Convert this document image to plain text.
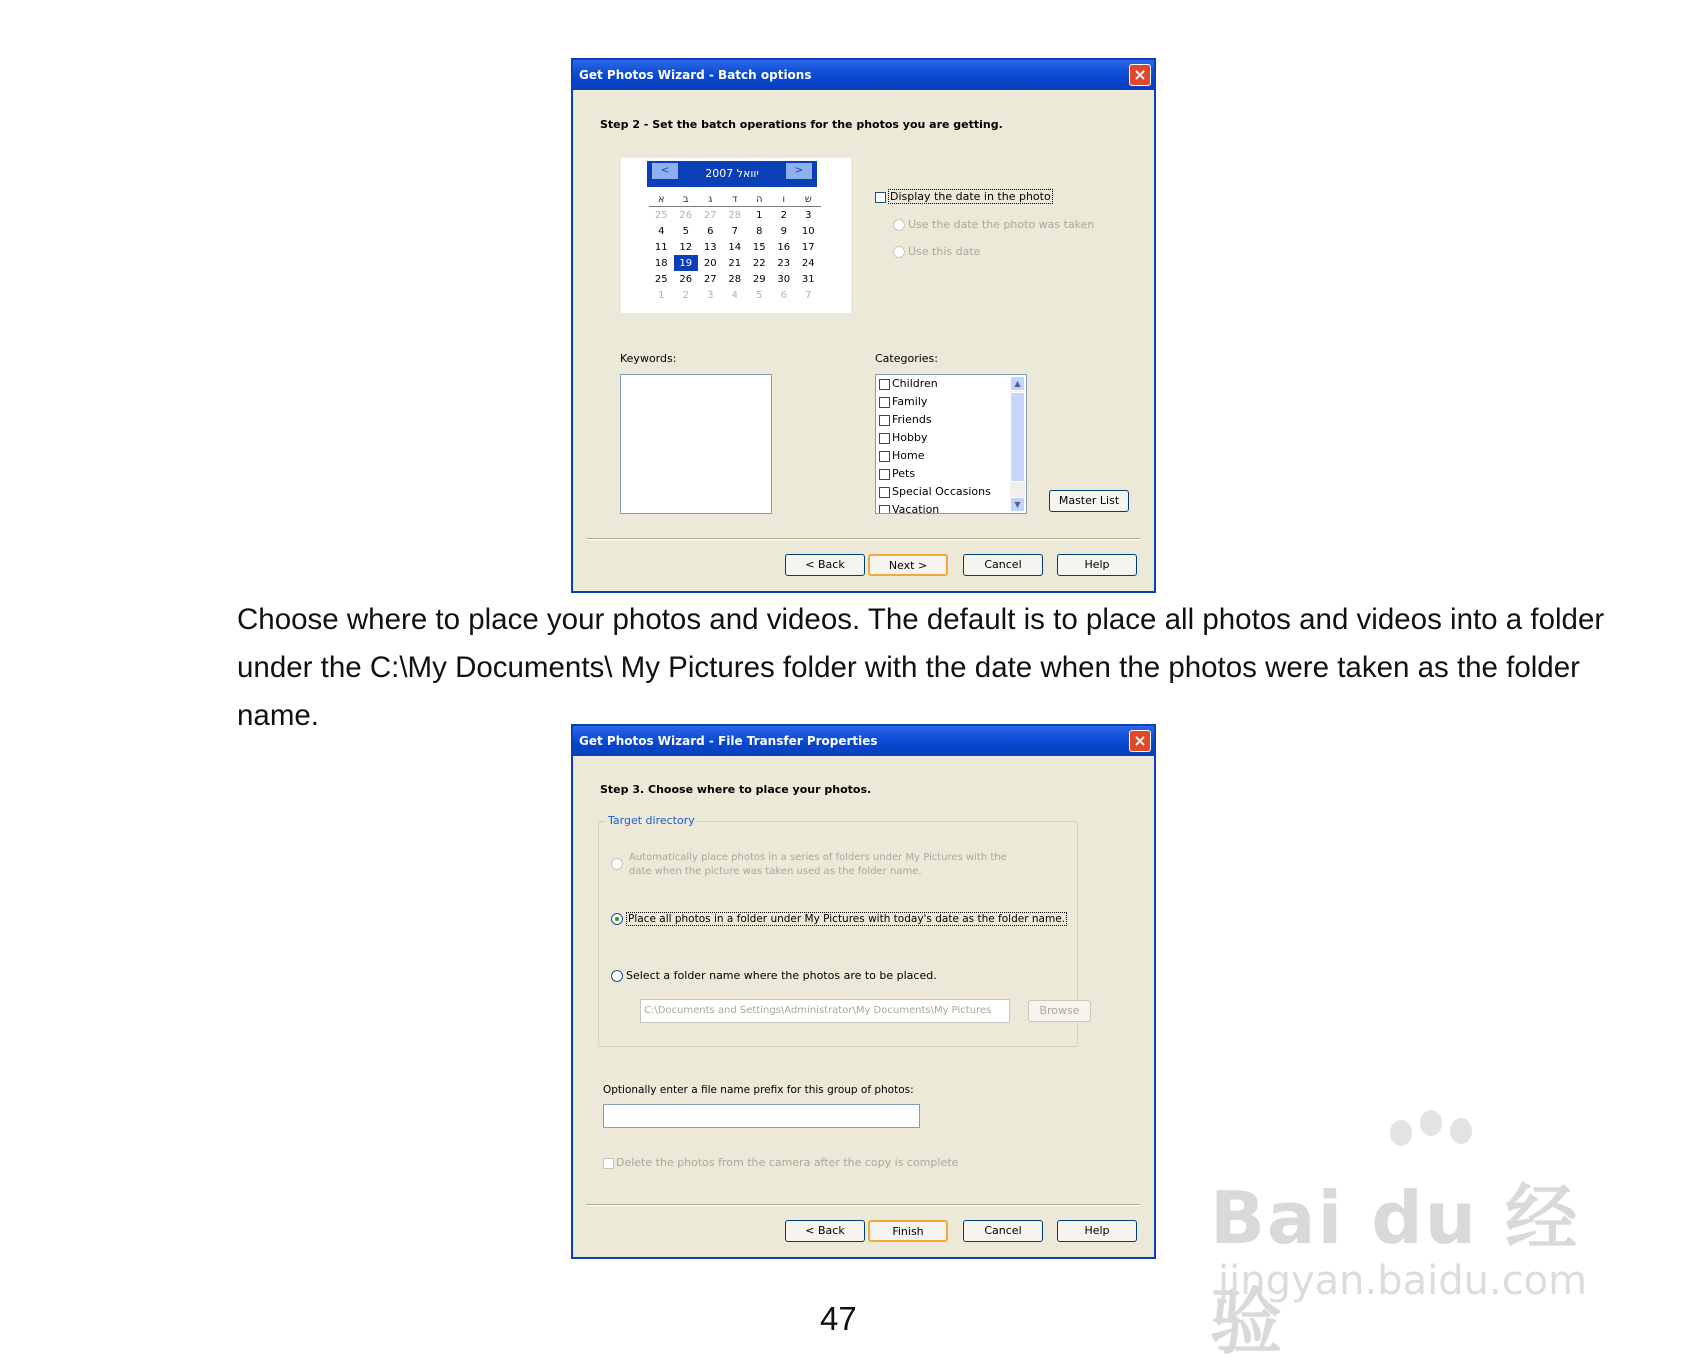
Get Photos Wizard - Batch options	×
Step 2 - Set the batch operations for the photos you are getting.
2007 יוואל
<	>
א	ב	ג	ד	ה	ו	ש
25	26	27	28	1	2	3
4	5	6	7	8	9	10
11	12	13	14	15	16	17
18	19	20	21	22	23	24
25	26	27	28	29	30	31
1	2	3	4	5	6	7
Display the date in the photo
Use the date the photo was taken
Use this date
Keywords:	Categories:
Children
Family
Friends
Hobby
Home
Pets
Special Occasions
Vacation
▲
▼	Master List
< Back	Next >	Cancel	Help
Choose where to place your photos and videos. The default is to place all photos and videos into a folder under the C:\My Documents\ My Pictures folder with the date when the photos were taken as the folder name.
Get Photos Wizard - File Transfer Properties	×
Step 3. Choose where to place your photos.
Target directory
Automatically place photos in a series of folders under My Pictures with the date when the picture was taken used as the folder name.
Place all photos in a folder under My Pictures with today's date as the folder name.
Select a folder name where the photos are to be placed.
C:\Documents and Settings\Administrator\My Documents\My Pictures	Browse
Optionally enter a file name prefix for this group of photos:
Delete the photos from the camera after the copy is complete
< Back	Finish	Cancel	Help
47
Bai du 经验
jingyan.baidu.com
